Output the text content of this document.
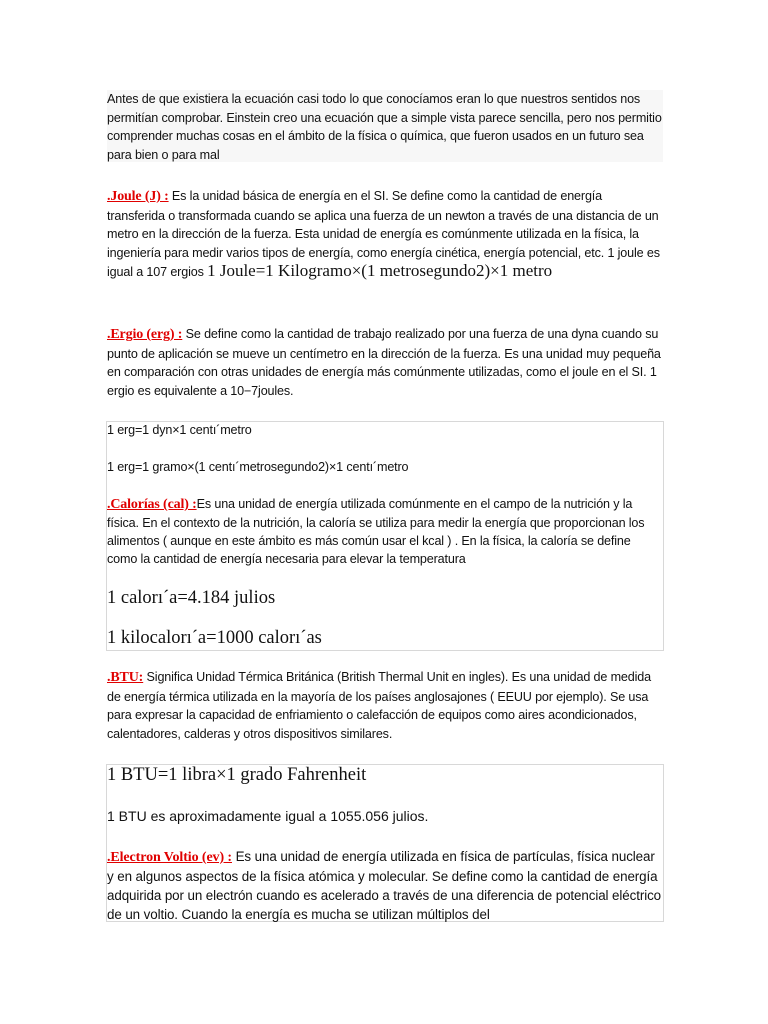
Antes de que existiera la ecuación casi todo lo que conocíamos eran lo que nuestros sentidos nos permitían comprobar. Einstein creo una ecuación que a simple vista parece sencilla, pero nos permitio comprender muchas cosas en el ámbito de la física o química, que fueron usados en un futuro sea para bien o para mal
.Joule (J) : Es la unidad básica de energía en el SI. Se define como la cantidad de energía transferida o transformada cuando se aplica una fuerza de un newton a través de una distancia de un metro en la dirección de la fuerza. Esta unidad de energía es comúnmente utilizada en la física, la ingeniería para medir varios tipos de energía, como energía cinética, energía potencial, etc. 1 joule es igual a 107 ergios 1 Joule=1 Kilogramo×(1 metrosegundo2)×1 metro
.Ergio (erg) : Se define como la cantidad de trabajo realizado por una fuerza de una dyna cuando su punto de aplicación se mueve un centímetro en la dirección de la fuerza. Es una unidad muy pequeña en comparación con otras unidades de energía más comúnmente utilizadas, como el joule en el SI. 1 ergio es equivalente a 10−7joules.
1 erg=1 dyn×1 centı´metro
1 erg=1 gramo×(1 centı´metrosegundo2)×1 centı´metro
.Calorías (cal) :Es una unidad de energía utilizada comúnmente en el campo de la nutrición y la física. En el contexto de la nutrición, la caloría se utiliza para medir la energía que proporcionan los alimentos ( aunque en este ámbito es más común usar el kcal ) . En la física, la caloría se define como la cantidad de energía necesaria para elevar la temperatura
1 calorı´a=4.184 julios
1 kilocalorı´a=1000 calorı´as
.BTU: Significa Unidad Térmica Británica (British Thermal Unit en ingles). Es una unidad de medida de energía térmica utilizada en la mayoría de los países anglosajones ( EEUU por ejemplo). Se usa para expresar la capacidad de enfriamiento o calefacción de equipos como aires acondicionados, calentadores, calderas y otros dispositivos similares.
1 BTU=1 libra×1 grado Fahrenheit
1 BTU es aproximadamente igual a 1055.056 julios.
.Electron Voltio (ev) : Es una unidad de energía utilizada en física de partículas, física nuclear y en algunos aspectos de la física atómica y molecular. Se define como la cantidad de energía adquirida por un electrón cuando es acelerado a través de una diferencia de potencial eléctrico de un voltio. Cuando la energía es mucha se utilizan múltiplos del
